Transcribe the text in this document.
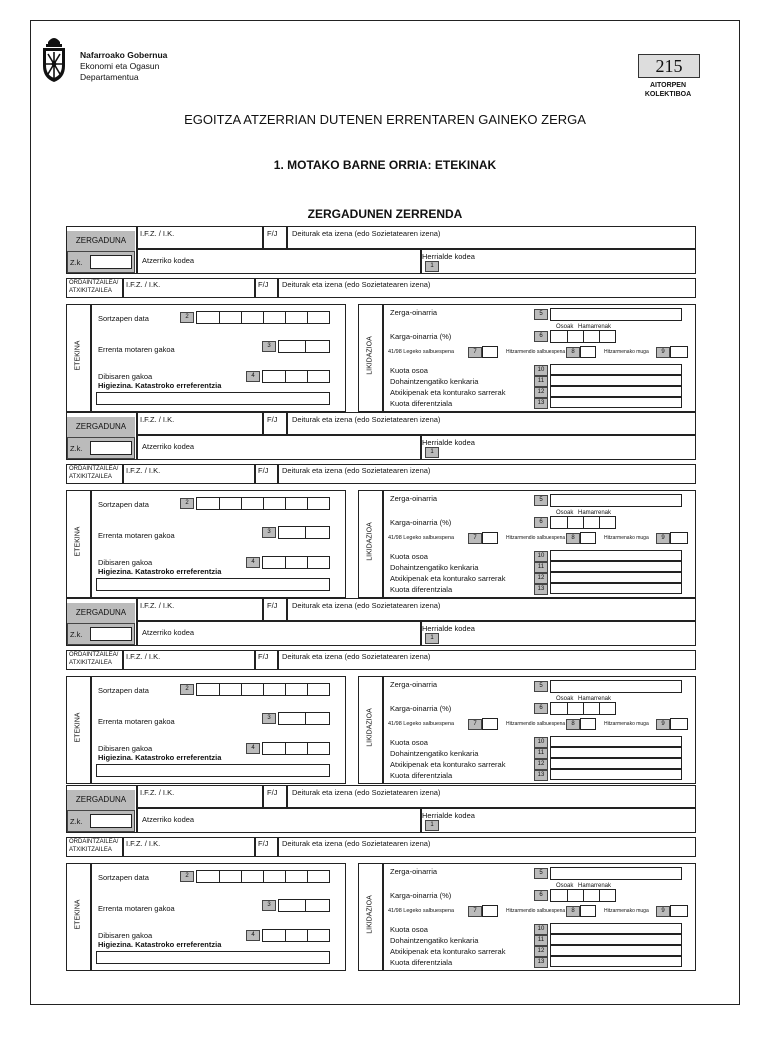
Nafarroako Gobernua
Ekonomi eta Ogasun
Departamentua
215
AITORPEN
KOLEKTIBOA
EGOITZA ATZERRIAN DUTENEN ERRENTAREN GAINEKO ZERGA
1. MOTAKO BARNE ORRIA: ETEKINAK
ZERGADUNEN ZERRENDA
ZERGADUNA
Z.k.
I.F.Z. / I.K.	F/J Deiturak eta izena (edo Sozietatearen izena)
Atzerriko kodea	Herrialde kodea
1
ORDAINTZAILEA/
ATXIKITZAILEA
I.F.Z. / I.K.	F/J Deiturak eta izena (edo Sozietatearen izena)
ETEKINA
Sortzapen data	2
Errenta motaren gakoa	3
Dibisaren gakoa
Higiezina. Katastroko erreferentzia
4
LIKIDAZIOA
Zerga-oinarria	5
Osoak Hamarrenak
Karga-oinarria (%)	6
41/98 Legeko salbuespena	7	Hitzarmendio salbuespena	8	Hitzarmenako muga	9
Kuota osoa	10
Dohaintzengatiko kenkaria	11
Atxikipenak eta konturako sarrerak	12
Kuota diferentziala	13
ZERGADUNA
Z.k.
I.F.Z. / I.K.	F/J Deiturak eta izena (edo Sozietatearen izena)
Atzerriko kodea	Herrialde kodea
1
ORDAINTZAILEA/
ATXIKITZAILEA
I.F.Z. / I.K.	F/J Deiturak eta izena (edo Sozietatearen izena)
ETEKINA
Sortzapen data	2
Errenta motaren gakoa	3
Dibisaren gakoa
Higiezina. Katastroko erreferentzia
4
LIKIDAZIOA
Zerga-oinarria	5
Osoak Hamarrenak
Karga-oinarria (%)	6
41/98 Legeko salbuespena	7	Hitzarmendio salbuespena	8	Hitzarmenako muga	9
Kuota osoa	10
Dohaintzengatiko kenkaria	11
Atxikipenak eta konturako sarrerak	12
Kuota diferentziala	13
ZERGADUNA
Z.k.
I.F.Z. / I.K.	F/J Deiturak eta izena (edo Sozietatearen izena)
Atzerriko kodea	Herrialde kodea
1
ORDAINTZAILEA/
ATXIKITZAILEA
I.F.Z. / I.K.	F/J Deiturak eta izena (edo Sozietatearen izena)
ETEKINA
Sortzapen data	2
Errenta motaren gakoa	3
Dibisaren gakoa
Higiezina. Katastroko erreferentzia
4
LIKIDAZIOA
Zerga-oinarria	5
Osoak Hamarrenak
Karga-oinarria (%)	6
41/98 Legeko salbuespena	7	Hitzarmendio salbuespena	8	Hitzarmenako muga	9
Kuota osoa	10
Dohaintzengatiko kenkaria	11
Atxikipenak eta konturako sarrerak	12
Kuota diferentziala	13
ZERGADUNA
Z.k.
I.F.Z. / I.K.	F/J Deiturak eta izena (edo Sozietatearen izena)
Atzerriko kodea	Herrialde kodea
1
ORDAINTZAILEA/
ATXIKITZAILEA
I.F.Z. / I.K.	F/J Deiturak eta izena (edo Sozietatearen izena)
ETEKINA
Sortzapen data	2
Errenta motaren gakoa	3
Dibisaren gakoa
Higiezina. Katastroko erreferentzia
4
LIKIDAZIOA
Zerga-oinarria	5
Osoak Hamarrenak
Karga-oinarria (%)	6
41/98 Legeko salbuespena	7	Hitzarmendio salbuespena	8	Hitzarmenako muga	9
Kuota osoa	10
Dohaintzengatiko kenkaria	11
Atxikipenak eta konturako sarrerak	12
Kuota diferentziala	13
